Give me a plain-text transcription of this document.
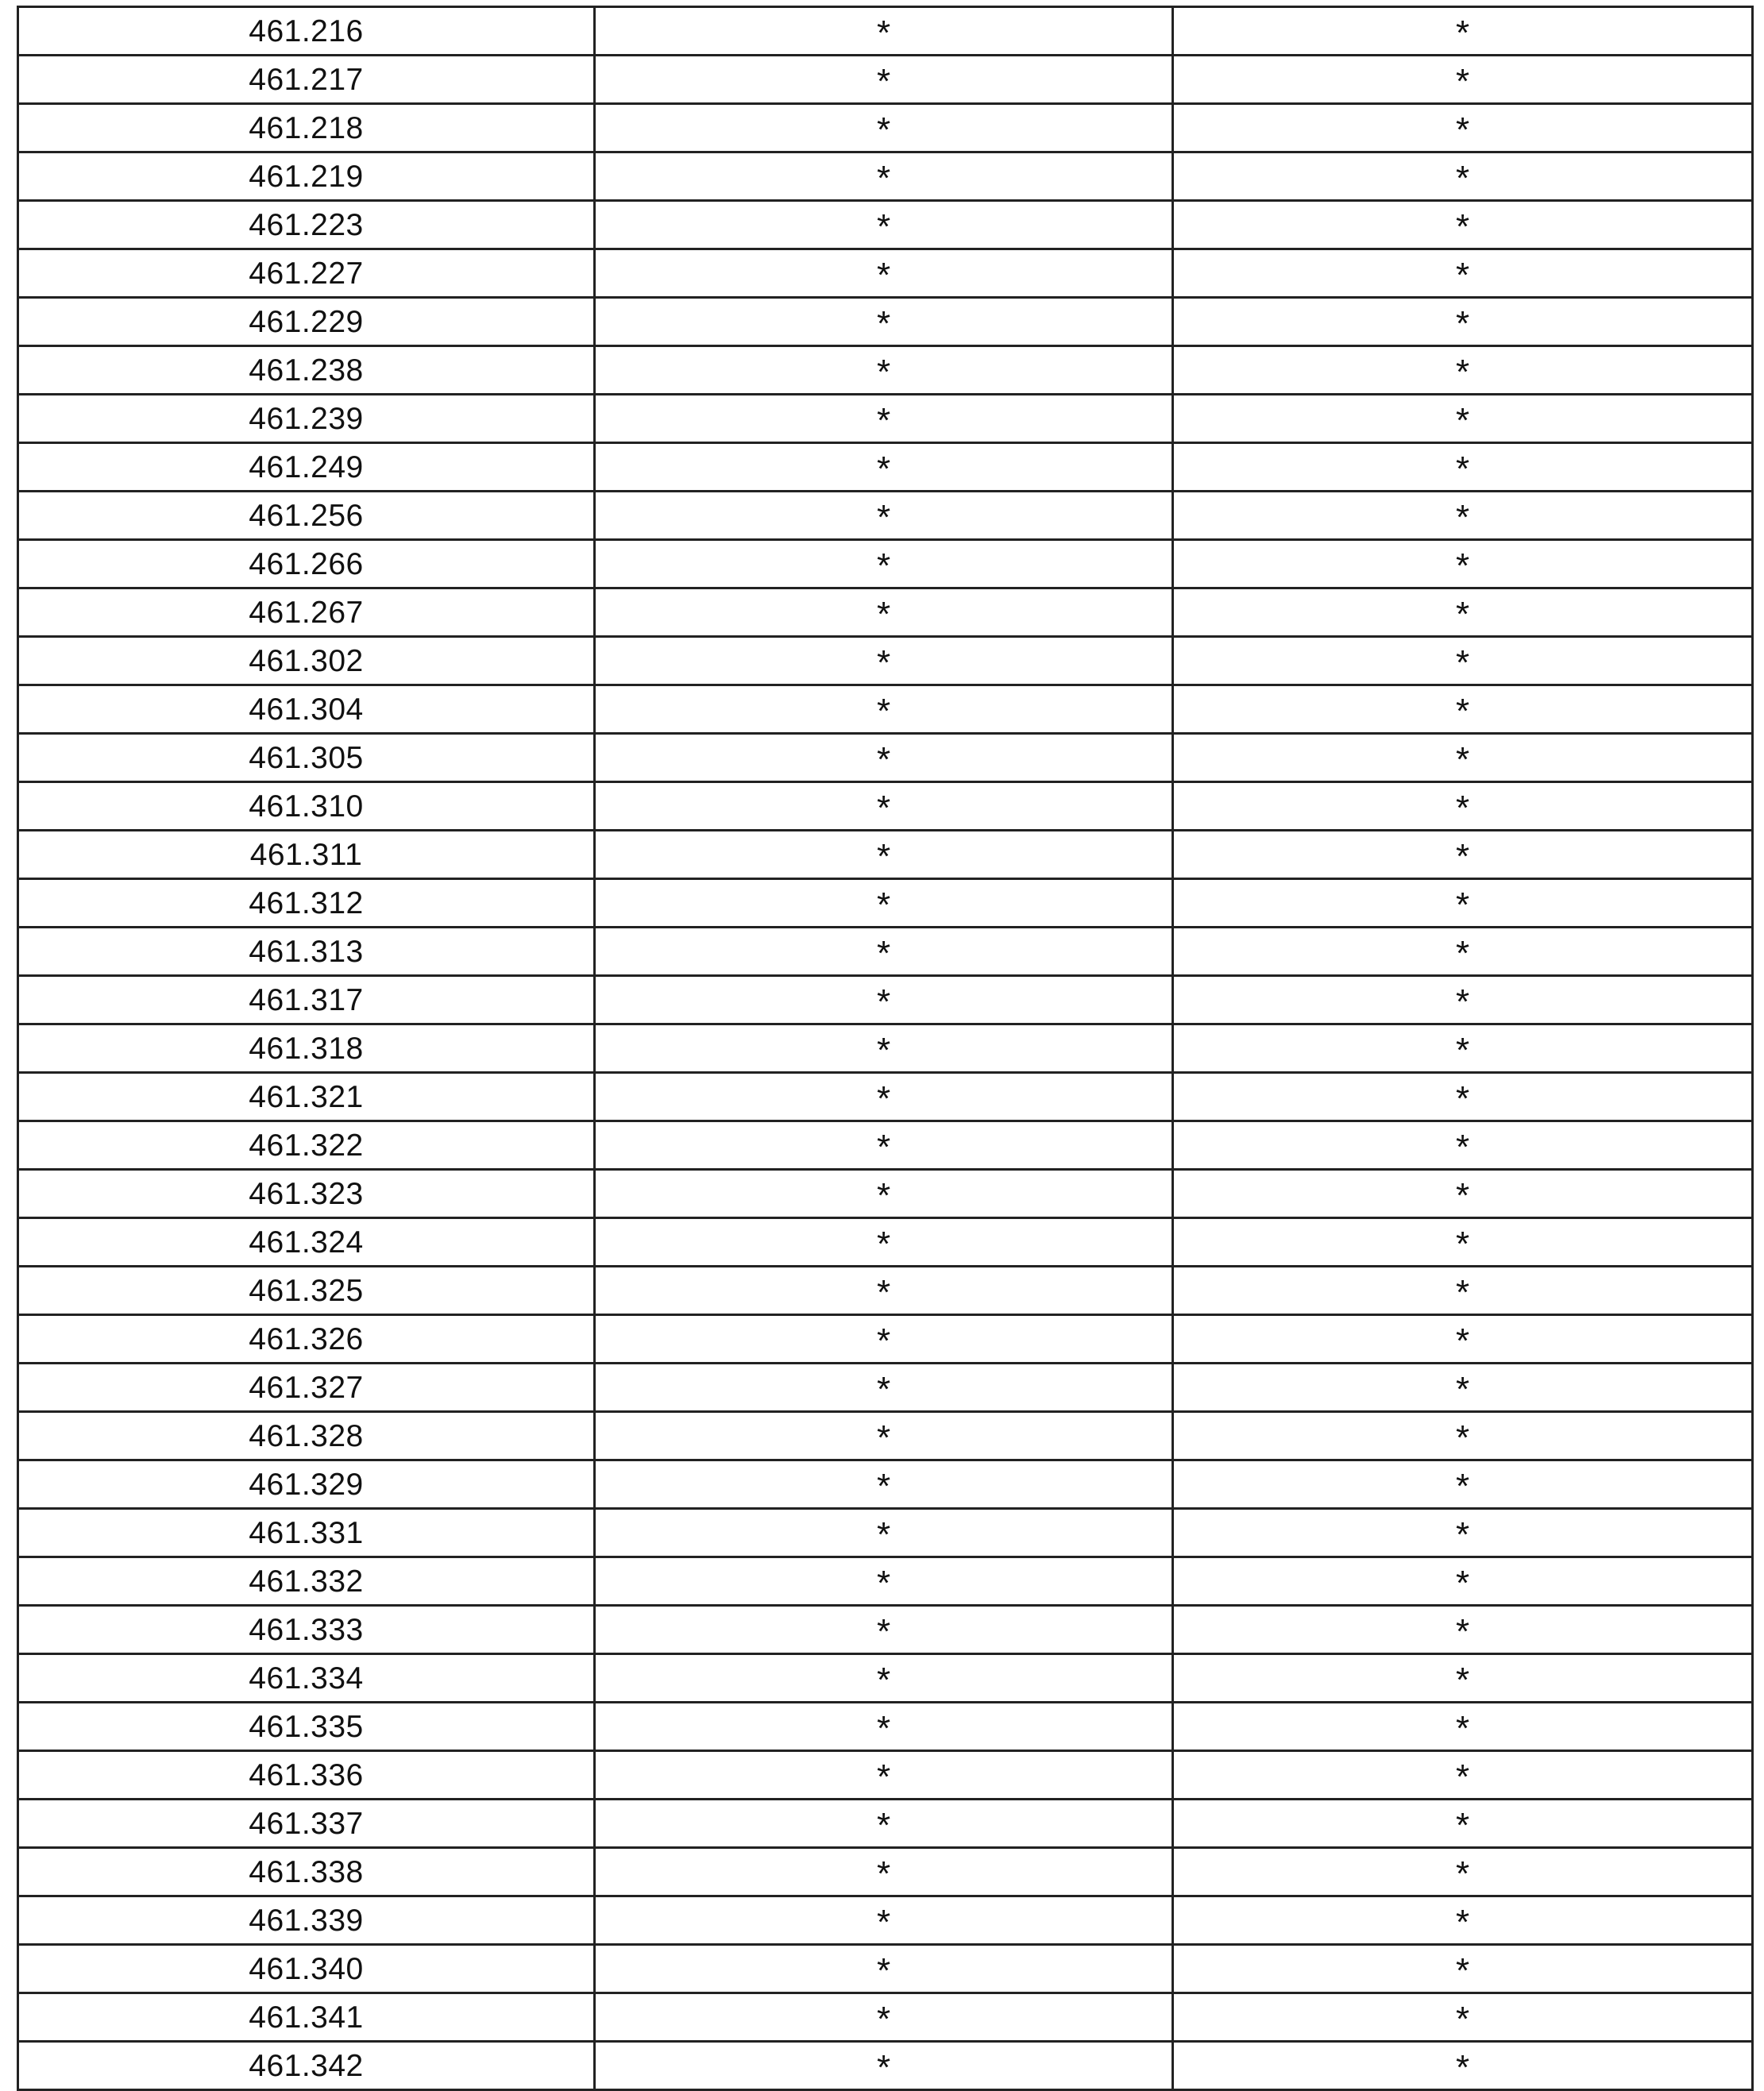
461.216	*	*
461.217	*	*
461.218	*	*
461.219	*	*
461.223	*	*
461.227	*	*
461.229	*	*
461.238	*	*
461.239	*	*
461.249	*	*
461.256	*	*
461.266	*	*
461.267	*	*
461.302	*	*
461.304	*	*
461.305	*	*
461.310	*	*
461.311	*	*
461.312	*	*
461.313	*	*
461.317	*	*
461.318	*	*
461.321	*	*
461.322	*	*
461.323	*	*
461.324	*	*
461.325	*	*
461.326	*	*
461.327	*	*
461.328	*	*
461.329	*	*
461.331	*	*
461.332	*	*
461.333	*	*
461.334	*	*
461.335	*	*
461.336	*	*
461.337	*	*
461.338	*	*
461.339	*	*
461.340	*	*
461.341	*	*
461.342	*	*
